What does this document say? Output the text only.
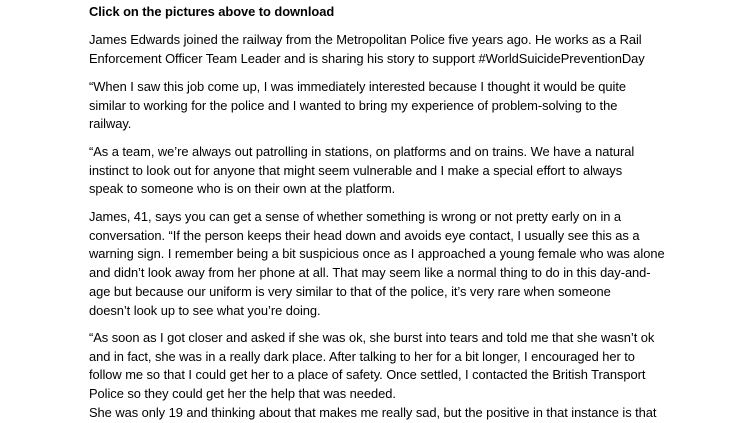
Click on the pictures above to download

James Edwards joined the railway from the Metropolitan Police five years ago. He works as a Rail

Enforcement Officer Team Leader and is sharing his story to support #WorldSuicidePreventionDay

“When I saw this job come up, I was immediately interested because I thought it would be quite

similar to working for the police and I wanted to bring my experience of problem-solving to the

railway.

“As a team, we’re always out patrolling in stations, on platforms and on trains. We have a natural

instinct to look out for anyone that might seem vulnerable and I make a special effort to always

speak to someone who is on their own at the platform.

James, 41, says you can get a sense of whether something is wrong or not pretty early on in a

conversation. “If the person keeps their head down and avoids eye contact, I usually see this as a

warning sign. I remember being a bit suspicious once as I approached a young female who was alone

and didn’t look away from her phone at all. That may seem like a normal thing to do in this day-and-

age but because our uniform is very similar to that of the police, it’s very rare when someone

doesn’t look up to see what you’re doing.

“As soon as I got closer and asked if she was ok, she burst into tears and told me that she wasn’t ok

and in fact, she was in a really dark place. After talking to her for a bit longer, I encouraged her to

follow me so that I could get her to a place of safety. Once settled, I contacted the British Transport

Police so they could get her the help that was needed.

She was only 19 and thinking about that makes me really sad, but the positive in that instance is that
